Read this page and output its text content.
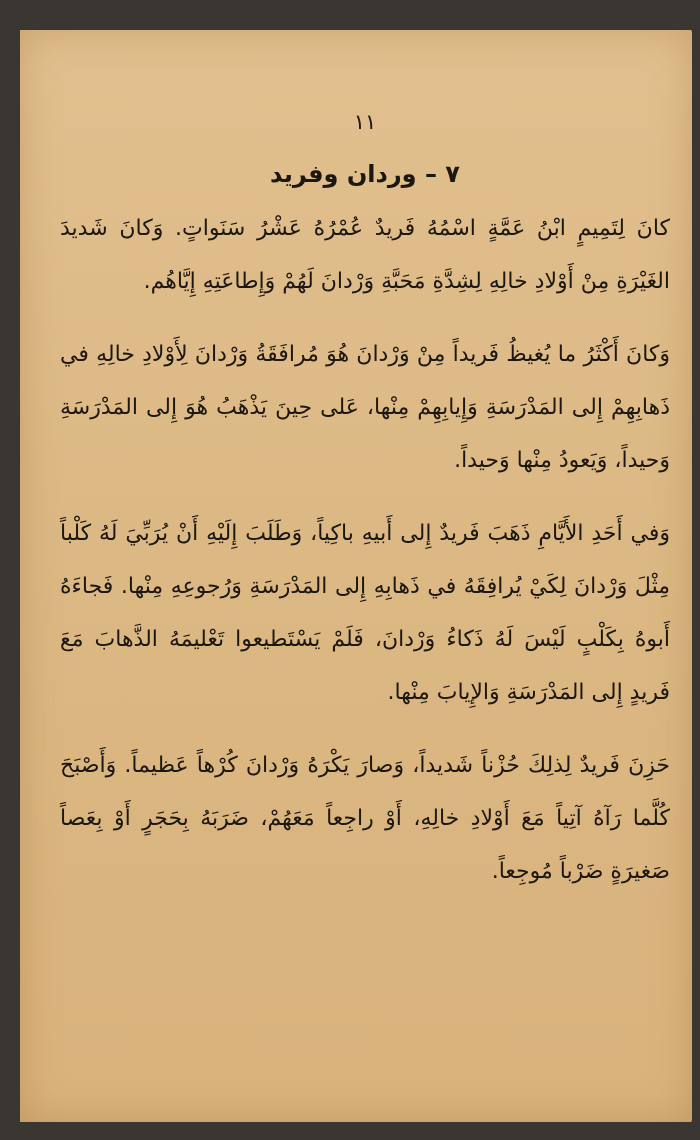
١١
٧ – وردان وفريد

كانَ لِتَمِيمٍ ابْنُ عَمَّةٍ اسْمُهُ فَريدٌ عُمْرُهُ عَشْرُ سَنَواتٍ. وَكانَ شَديدَ الغَيْرَةِ مِنْ أَوْلادِ خالِهِ لِشِدَّةِ مَحَبَّةِ وَرْدانَ لَهُمْ وَإِطاعَتِهِ إِيَّاهُم.

وَكانَ أَكْثَرُ ما يُغيظُ فَريداً مِنْ وَرْدانَ هُوَ مُرافَقَةُ وَرْدانَ لِأَوْلادِ خالِهِ في ذَهابِهِمْ إِلى المَدْرَسَةِ وَإِيابِهِمْ مِنْها، عَلى حِينَ يَذْهَبُ هُوَ إِلى المَدْرَسَةِ وَحيداً، وَيَعودُ مِنْها وَحيداً.

وَفي أَحَدِ الأَيَّامِ ذَهَبَ فَريدٌ إِلى أَبيهِ باكِياً، وَطَلَبَ إِلَيْهِ أَنْ يُرَبِّيَ لَهُ كَلْباً مِثْلَ وَرْدانَ لِكَيْ يُرافِقَهُ في ذَهابِهِ إِلى المَدْرَسَةِ وَرُجوعِهِ مِنْها. فَجاءَهُ أَبوهُ بِكَلْبٍ لَيْسَ لَهُ ذَكاءُ وَرْدانَ، فَلَمْ يَسْتَطيعوا تَعْليمَهُ الذَّهابَ مَعَ فَريدٍ إِلى المَدْرَسَةِ وَالإِيابَ مِنْها.

حَزِنَ فَريدٌ لِذلِكَ حُزْناً شَديداً، وَصارَ يَكْرَهُ وَرْدانَ كُرْهاً عَظيماً. وَأَصْبَحَ كُلَّما رَآهُ آتِياً مَعَ أَوْلادِ خالِهِ، أَوْ راجِعاً مَعَهُمْ، ضَرَبَهُ بِحَجَرٍ أَوْ بِعَصاً صَغيرَةٍ ضَرْباً مُوجِعاً.
